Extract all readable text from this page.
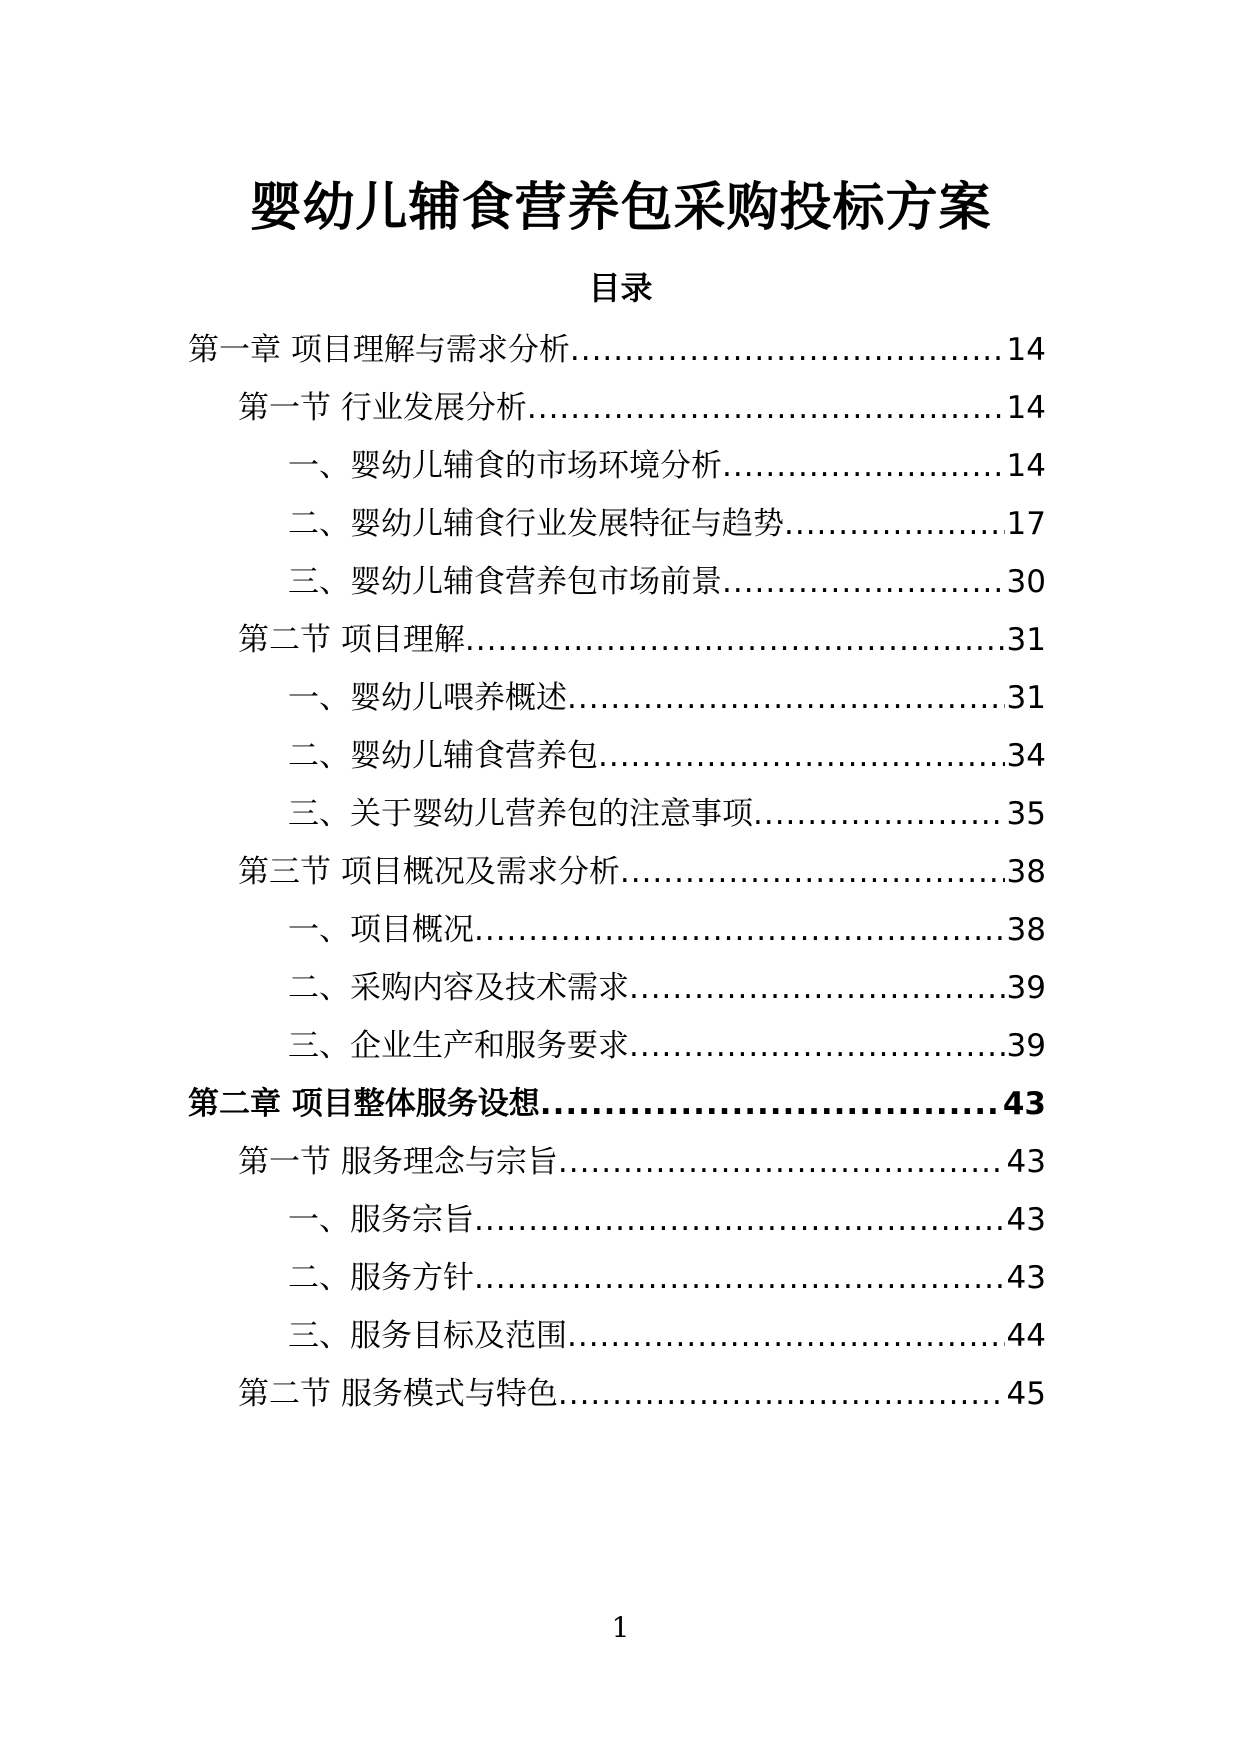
婴幼儿辅食营养包采购投标方案
目录
第一章 项目理解与需求分析 .....	14
第一节 行业发展分析 .....	14
一、婴幼儿辅食的市场环境分析 .....	14
二、婴幼儿辅食行业发展特征与趋势 .....	17
三、婴幼儿辅食营养包市场前景 .....	30
第二节 项目理解 .....	31
一、婴幼儿喂养概述 .....	31
二、婴幼儿辅食营养包 .....	34
三、关于婴幼儿营养包的注意事项 .....	35
第三节 项目概况及需求分析 .....	38
一、项目概况 .....	38
二、采购内容及技术需求 .....	39
三、企业生产和服务要求 .....	39
第二章 项目整体服务设想 .....	43
第一节 服务理念与宗旨 .....	43
一、服务宗旨 .....	43
二、服务方针 .....	43
三、服务目标及范围 .....	44
第二节 服务模式与特色 .....	45
1
